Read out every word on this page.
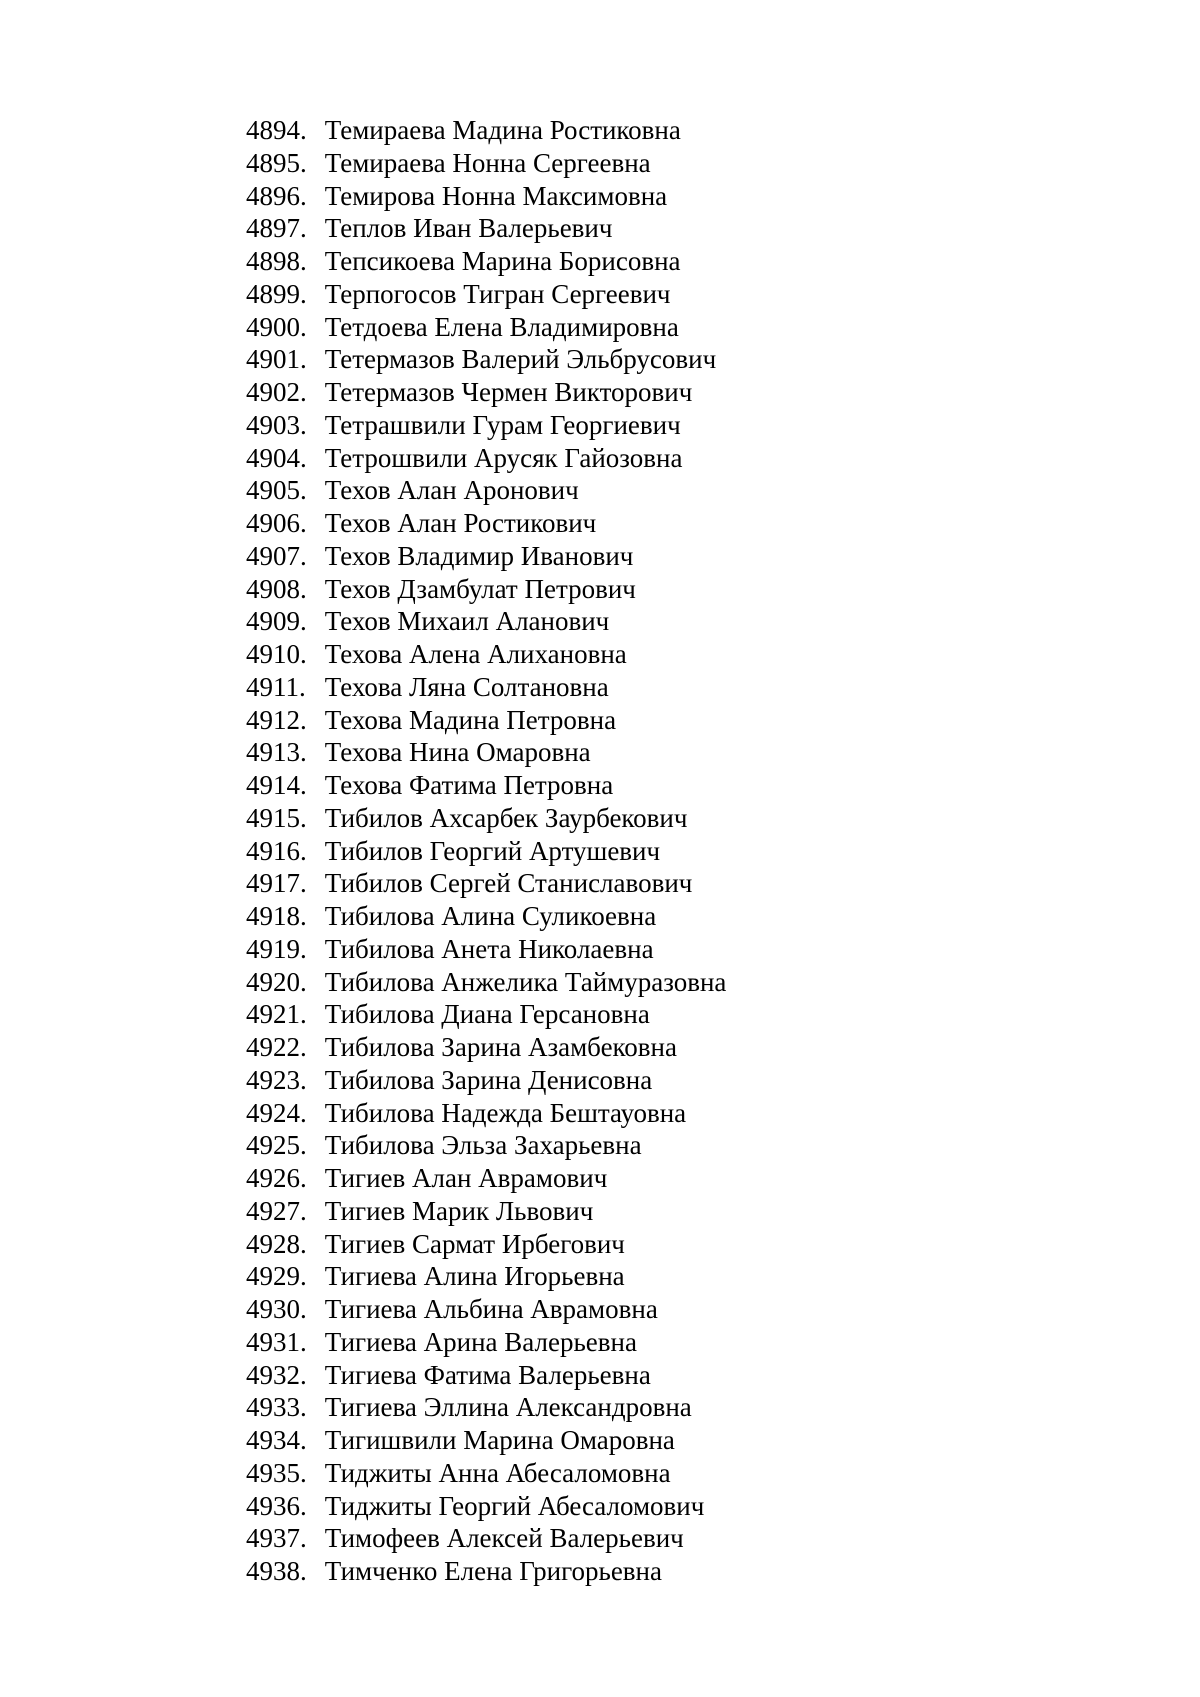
4894. Темираева Мадина Ростиковна
4895. Темираева Нонна Сергеевна
4896. Темирова Нонна Максимовна
4897. Теплов Иван Валерьевич
4898. Тепсикоева Марина Борисовна
4899. Терпогосов Тигран Сергеевич
4900. Тетдоева Елена Владимировна
4901. Тетермазов Валерий Эльбрусович
4902. Тетермазов Чермен Викторович
4903. Тетрашвили Гурам Георгиевич
4904. Тетрошвили Арусяк Гайозовна
4905. Техов Алан Аронович
4906. Техов Алан Ростикович
4907. Техов Владимир Иванович
4908. Техов Дзамбулат Петрович
4909. Техов Михаил Аланович
4910. Техова Алена Алихановна
4911. Техова Ляна Солтановна
4912. Техова Мадина Петровна
4913. Техова Нина Омаровна
4914. Техова Фатима Петровна
4915. Тибилов Ахсарбек Заурбекович
4916. Тибилов Георгий Артушевич
4917. Тибилов Сергей Станиславович
4918. Тибилова Алина Суликоевна
4919. Тибилова Анета Николаевна
4920. Тибилова Анжелика Таймуразовна
4921. Тибилова Диана Герсановна
4922. Тибилова Зарина Азамбековна
4923. Тибилова Зарина Денисовна
4924. Тибилова Надежда Бештауовна
4925. Тибилова Эльза Захарьевна
4926. Тигиев Алан Аврамович
4927. Тигиев Марик Львович
4928. Тигиев Сармат Ирбегович
4929. Тигиева Алина Игорьевна
4930. Тигиева Альбина Аврамовна
4931. Тигиева Арина Валерьевна
4932. Тигиева Фатима Валерьевна
4933. Тигиева Эллина Александровна
4934. Тигишвили Марина Омаровна
4935. Тиджиты Анна Абесаломовна
4936. Тиджиты Георгий Абесаломович
4937. Тимофеев Алексей Валерьевич
4938. Тимченко Елена Григорьевна
